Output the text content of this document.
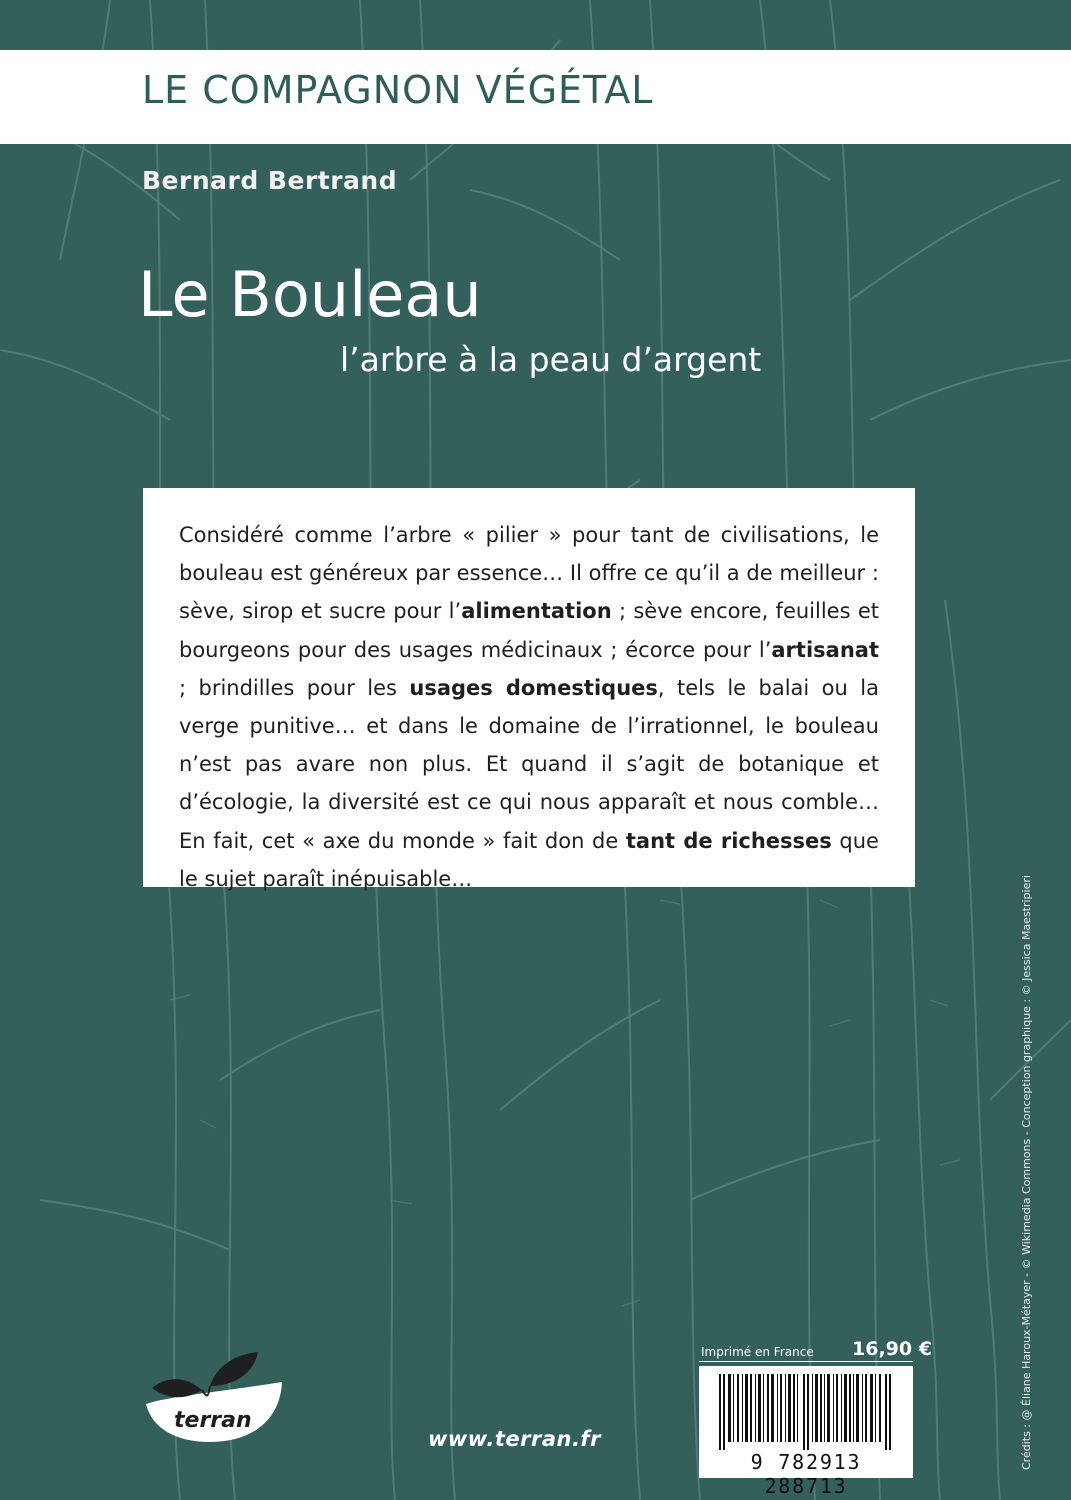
LE COMPAGNON VÉGÉTAL
Bernard Bertrand
Le Bouleau
l’arbre à la peau d’argent

Considéré comme l’arbre « pilier » pour tant de civilisations, le bouleau est généreux par essence… Il offre ce qu’il a de meilleur : sève, sirop et sucre pour l’alimentation ; sève encore, feuilles et bourgeons pour des usages médicinaux ; écorce pour l’artisanat ; brindilles pour les usages domestiques, tels le balai ou la verge punitive… et dans le domaine de l’irrationnel, le bouleau n’est pas avare non plus. Et quand il s’agit de botanique et d’écologie, la diversité est ce qui nous apparaît et nous comble… En fait, cet « axe du monde » fait don de tant de richesses que le sujet paraît inépuisable…

terran
www.terran.fr
Imprimé en France 16,90 €
9 782913 288713
Crédits : @ Éliane Haroux-Métayer - © Wikimedia Commons - Conception graphique : © Jessica Maestripieri
